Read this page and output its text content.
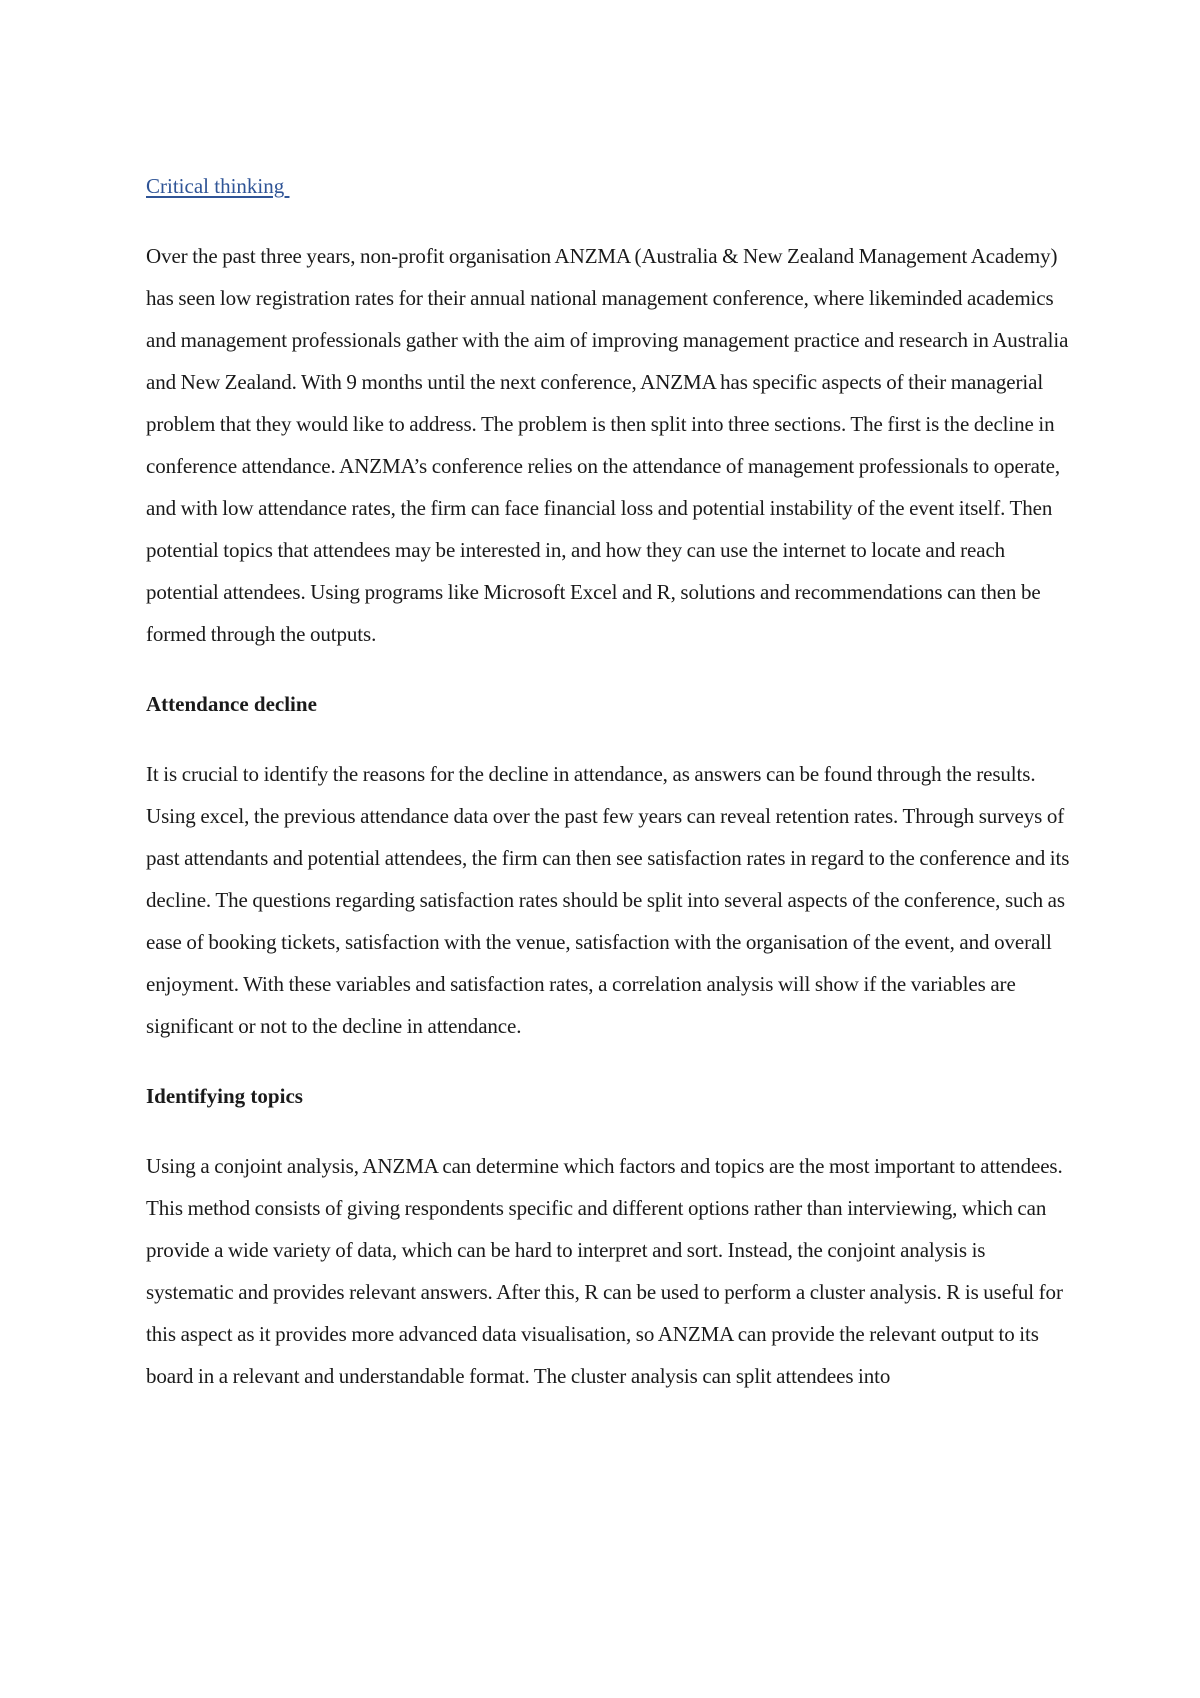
Critical thinking

Over the past three years, non-profit organisation ANZMA (Australia & New Zealand Management Academy) has seen low registration rates for their annual national management conference, where likeminded academics and management professionals gather with the aim of improving management practice and research in Australia and New Zealand. With 9 months until the next conference, ANZMA has specific aspects of their managerial problem that they would like to address. The problem is then split into three sections. The first is the decline in conference attendance. ANZMA’s conference relies on the attendance of management professionals to operate, and with low attendance rates, the firm can face financial loss and potential instability of the event itself. Then potential topics that attendees may be interested in, and how they can use the internet to locate and reach potential attendees. Using programs like Microsoft Excel and R, solutions and recommendations can then be formed through the outputs.

Attendance decline

It is crucial to identify the reasons for the decline in attendance, as answers can be found through the results. Using excel, the previous attendance data over the past few years can reveal retention rates. Through surveys of past attendants and potential attendees, the firm can then see satisfaction rates in regard to the conference and its decline. The questions regarding satisfaction rates should be split into several aspects of the conference, such as ease of booking tickets, satisfaction with the venue, satisfaction with the organisation of the event, and overall enjoyment. With these variables and satisfaction rates, a correlation analysis will show if the variables are significant or not to the decline in attendance.

Identifying topics

Using a conjoint analysis, ANZMA can determine which factors and topics are the most important to attendees. This method consists of giving respondents specific and different options rather than interviewing, which can provide a wide variety of data, which can be hard to interpret and sort. Instead, the conjoint analysis is systematic and provides relevant answers. After this, R can be used to perform a cluster analysis. R is useful for this aspect as it provides more advanced data visualisation, so ANZMA can provide the relevant output to its board in a relevant and understandable format. The cluster analysis can split attendees into
